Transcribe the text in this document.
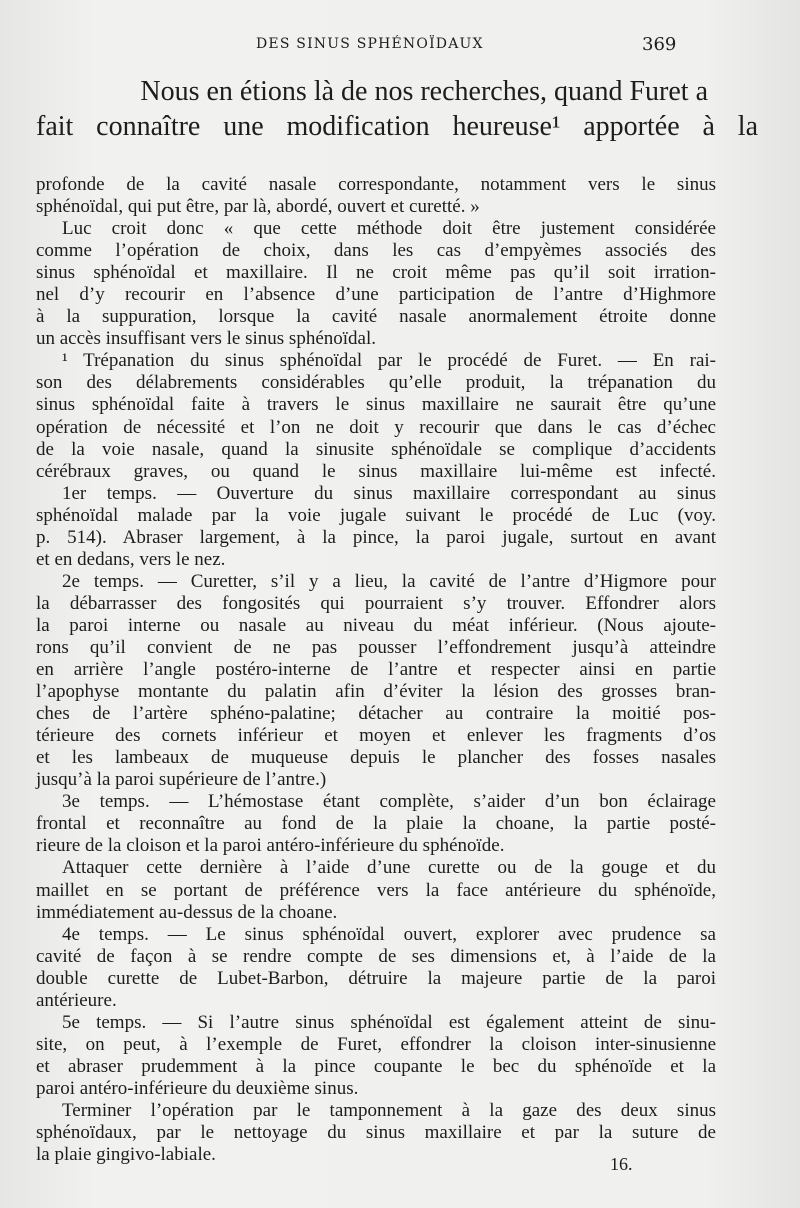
DES SINUS SPHÉNOÏDAUX	369
Nous en étions là de nos recherches, quand Furet a
fait connaître une modification heureuse¹ apportée à la
profonde de la cavité nasale correspondante, notamment vers le sinus
sphénoïdal, qui put être, par là, abordé, ouvert et curetté. »
Luc croit donc « que cette méthode doit être justement considérée
comme l’opération de choix, dans les cas d’empyèmes associés des
sinus sphénoïdal et maxillaire. Il ne croit même pas qu’il soit irration-
nel d’y recourir en l’absence d’une participation de l’antre d’Highmore
à la suppuration, lorsque la cavité nasale anormalement étroite donne
un accès insuffisant vers le sinus sphénoïdal.
¹ Trépanation du sinus sphénoïdal par le procédé de Furet. — En rai-
son des délabrements considérables qu’elle produit, la trépanation du
sinus sphénoïdal faite à travers le sinus maxillaire ne saurait être qu’une
opération de nécessité et l’on ne doit y recourir que dans le cas d’échec
de la voie nasale, quand la sinusite sphénoïdale se complique d’accidents
cérébraux graves, ou quand le sinus maxillaire lui-même est infecté.
1er temps. — Ouverture du sinus maxillaire correspondant au sinus
sphénoïdal malade par la voie jugale suivant le procédé de Luc (voy.
p. 514). Abraser largement, à la pince, la paroi jugale, surtout en avant
et en dedans, vers le nez.
2e temps. — Curetter, s’il y a lieu, la cavité de l’antre d’Higmore pour
la débarrasser des fongosités qui pourraient s’y trouver. Effondrer alors
la paroi interne ou nasale au niveau du méat inférieur. (Nous ajoute-
rons qu’il convient de ne pas pousser l’effondrement jusqu’à atteindre
en arrière l’angle postéro-interne de l’antre et respecter ainsi en partie
l’apophyse montante du palatin afin d’éviter la lésion des grosses bran-
ches de l’artère sphéno-palatine; détacher au contraire la moitié pos-
térieure des cornets inférieur et moyen et enlever les fragments d’os
et les lambeaux de muqueuse depuis le plancher des fosses nasales
jusqu’à la paroi supérieure de l’antre.)
3e temps. — L’hémostase étant complète, s’aider d’un bon éclairage
frontal et reconnaître au fond de la plaie la choane, la partie posté-
rieure de la cloison et la paroi antéro-inférieure du sphénoïde.
Attaquer cette dernière à l’aide d’une curette ou de la gouge et du
maillet en se portant de préférence vers la face antérieure du sphénoïde,
immédiatement au-dessus de la choane.
4e temps. — Le sinus sphénoïdal ouvert, explorer avec prudence sa
cavité de façon à se rendre compte de ses dimensions et, à l’aide de la
double curette de Lubet-Barbon, détruire la majeure partie de la paroi
antérieure.
5e temps. — Si l’autre sinus sphénoïdal est également atteint de sinu-
site, on peut, à l’exemple de Furet, effondrer la cloison inter-sinusienne
et abraser prudemment à la pince coupante le bec du sphénoïde et la
paroi antéro-inférieure du deuxième sinus.
Terminer l’opération par le tamponnement à la gaze des deux sinus
sphénoïdaux, par le nettoyage du sinus maxillaire et par la suture de
la plaie gingivo-labiale.	16.
